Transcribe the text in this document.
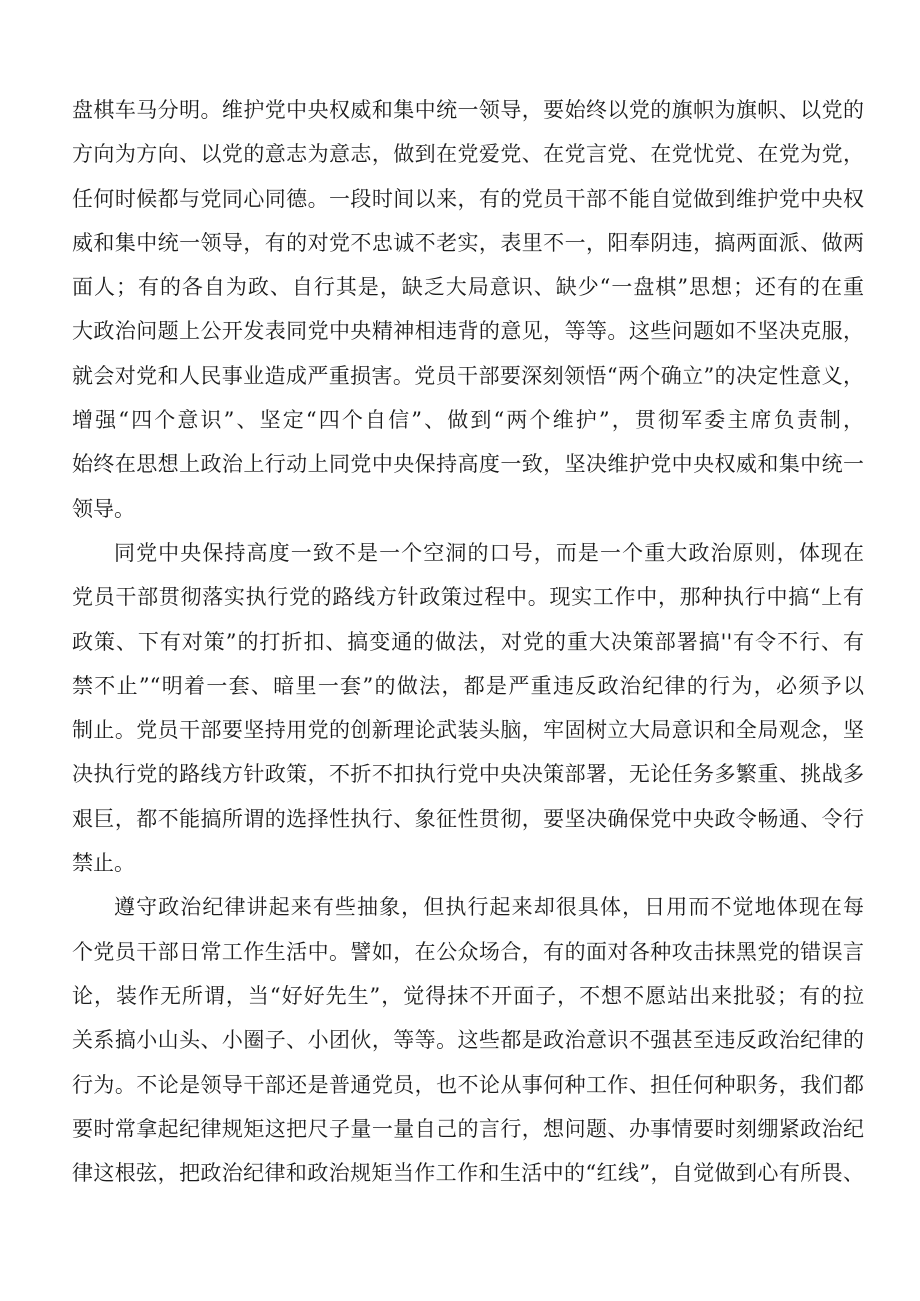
盘棋车马分明。维护党中央权威和集中统一领导，要始终以党的旗帜为旗帜、以党的
方向为方向、以党的意志为意志，做到在党爱党、在党言党、在党忧党、在党为党，
任何时候都与党同心同德。一段时间以来，有的党员干部不能自觉做到维护党中央权
威和集中统一领导，有的对党不忠诚不老实，表里不一，阳奉阴违，搞两面派、做两
面人；有的各自为政、自行其是，缺乏大局意识、缺少“一盘棋”思想；还有的在重
大政治问题上公开发表同党中央精神相违背的意见，等等。这些问题如不坚决克服，
就会对党和人民事业造成严重损害。党员干部要深刻领悟“两个确立”的决定性意义，
增强“四个意识”、坚定“四个自信”、做到“两个维护”，贯彻军委主席负责制，
始终在思想上政治上行动上同党中央保持高度一致，坚决维护党中央权威和集中统一
领导。
同党中央保持高度一致不是一个空洞的口号，而是一个重大政治原则，体现在
党员干部贯彻落实执行党的路线方针政策过程中。现实工作中，那种执行中搞“上有
政策、下有对策”的打折扣、搞变通的做法，对党的重大决策部署搞''有令不行、有
禁不止”“明着一套、暗里一套”的做法，都是严重违反政治纪律的行为，必须予以
制止。党员干部要坚持用党的创新理论武装头脑，牢固树立大局意识和全局观念，坚
决执行党的路线方针政策，不折不扣执行党中央决策部署，无论任务多繁重、挑战多
艰巨，都不能搞所谓的选择性执行、象征性贯彻，要坚决确保党中央政令畅通、令行
禁止。
遵守政治纪律讲起来有些抽象，但执行起来却很具体，日用而不觉地体现在每
个党员干部日常工作生活中。譬如，在公众场合，有的面对各种攻击抹黑党的错误言
论，装作无所谓，当“好好先生”，觉得抹不开面子，不想不愿站出来批驳；有的拉
关系搞小山头、小圈子、小团伙，等等。这些都是政治意识不强甚至违反政治纪律的
行为。不论是领导干部还是普通党员，也不论从事何种工作、担任何种职务，我们都
要时常拿起纪律规矩这把尺子量一量自己的言行，想问题、办事情要时刻绷紧政治纪
律这根弦，把政治纪律和政治规矩当作工作和生活中的“红线”，自觉做到心有所畏、
